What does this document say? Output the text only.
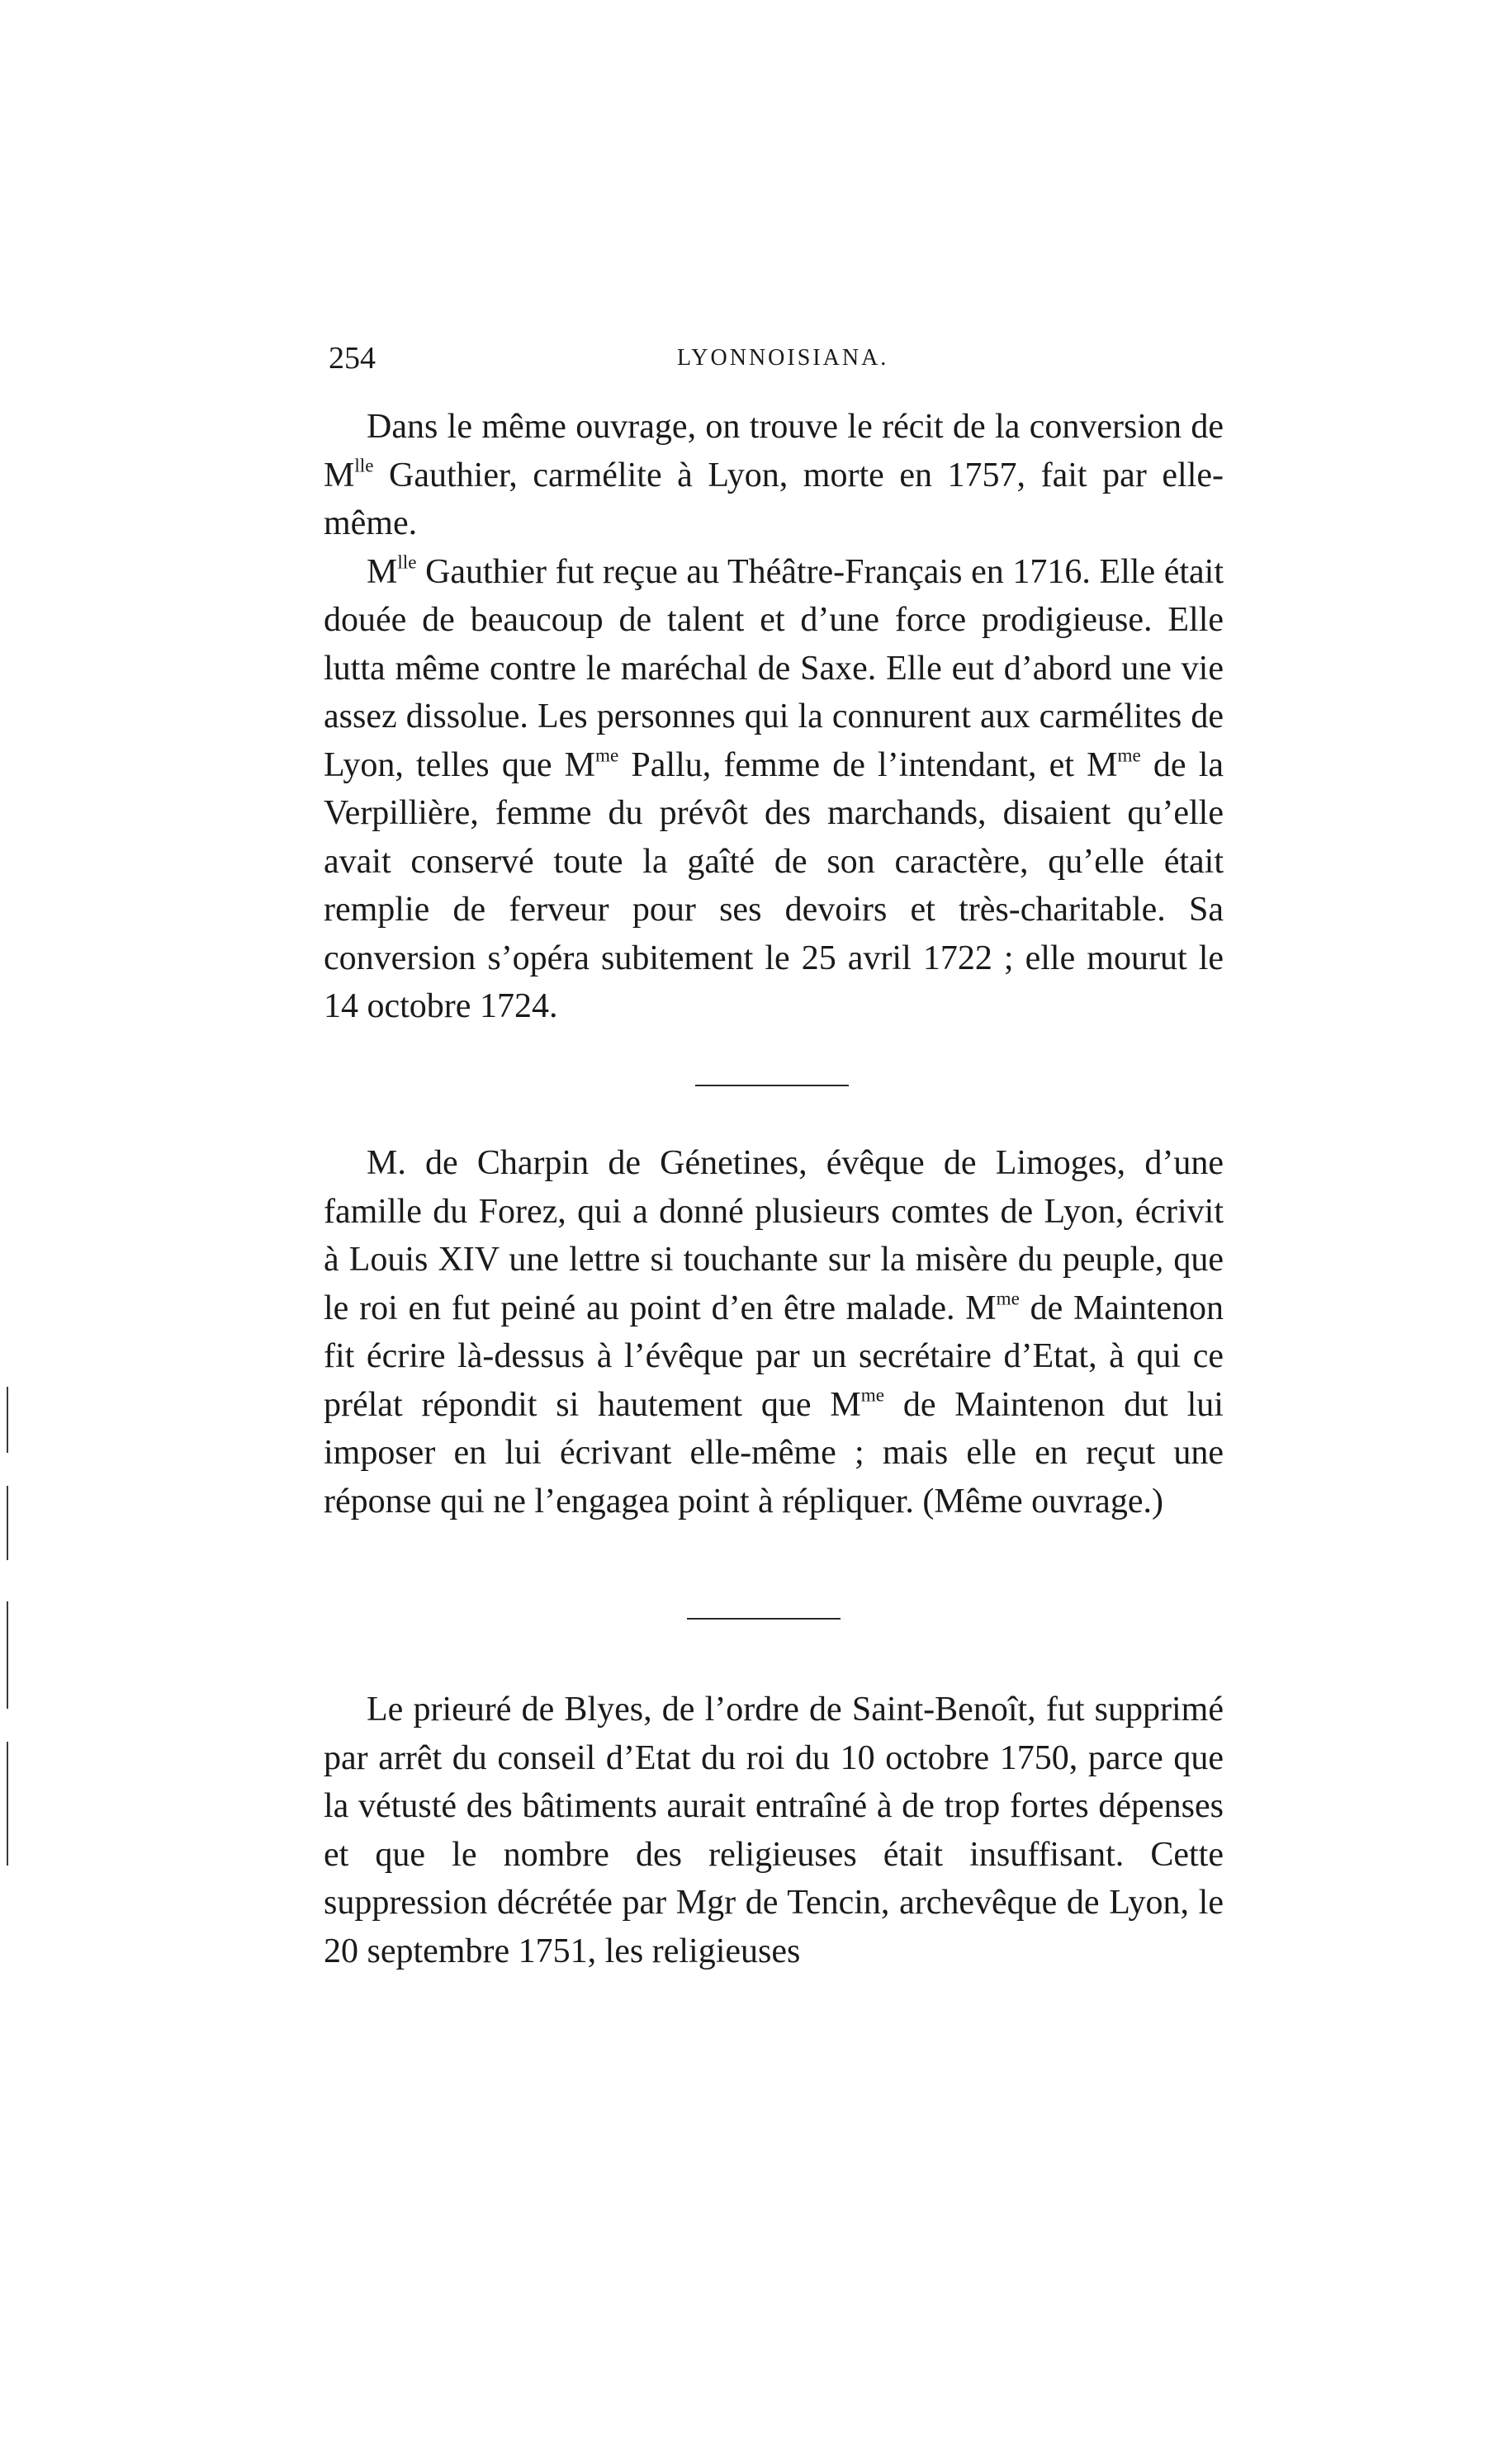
254	LYONNOISIANA.

Dans le même ouvrage, on trouve le récit de la conversion de $M^{lle}$ Gauthier, carmélite à Lyon, morte en 1757, fait par elle-même.

$M^{lle}$ Gauthier fut reçue au Théâtre-Français en 1716. Elle était douée de beaucoup de talent et d’une force prodigieuse. Elle lutta même contre le maréchal de Saxe. Elle eut d’abord une vie assez dissolue. Les personnes qui la connurent aux carmélites de Lyon, telles que $M^{me}$ Pallu, femme de l’intendant, et $M^{me}$ de la Verpillière, femme du prévôt des marchands, disaient qu’elle avait conservé toute la gaîté de son caractère, qu’elle était remplie de ferveur pour ses devoirs et très-charitable. Sa conversion s’opéra subitement le 25 avril 1722 ; elle mourut le 14 octobre 1724.

M. de Charpin de Génetines, évêque de Limoges, d’une famille du Forez, qui a donné plusieurs comtes de Lyon, écrivit à Louis XIV une lettre si touchante sur la misère du peuple, que le roi en fut peiné au point d’en être malade. $M^{me}$ de Maintenon fit écrire là-dessus à l’évêque par un secrétaire d’Etat, à qui ce prélat répondit si hautement que $M^{me}$ de Maintenon dut lui imposer en lui écrivant elle-même ; mais elle en reçut une réponse qui ne l’engagea point à répliquer. (Même ouvrage.)

Le prieuré de Blyes, de l’ordre de Saint-Benoît, fut supprimé par arrêt du conseil d’Etat du roi du 10 octobre 1750, parce que la vétusté des bâtiments aurait entraîné à de trop fortes dépenses et que le nombre des religieuses était insuffisant. Cette suppression décrétée par Mgr de Tencin, archevêque de Lyon, le 20 septembre 1751, les religieuses
